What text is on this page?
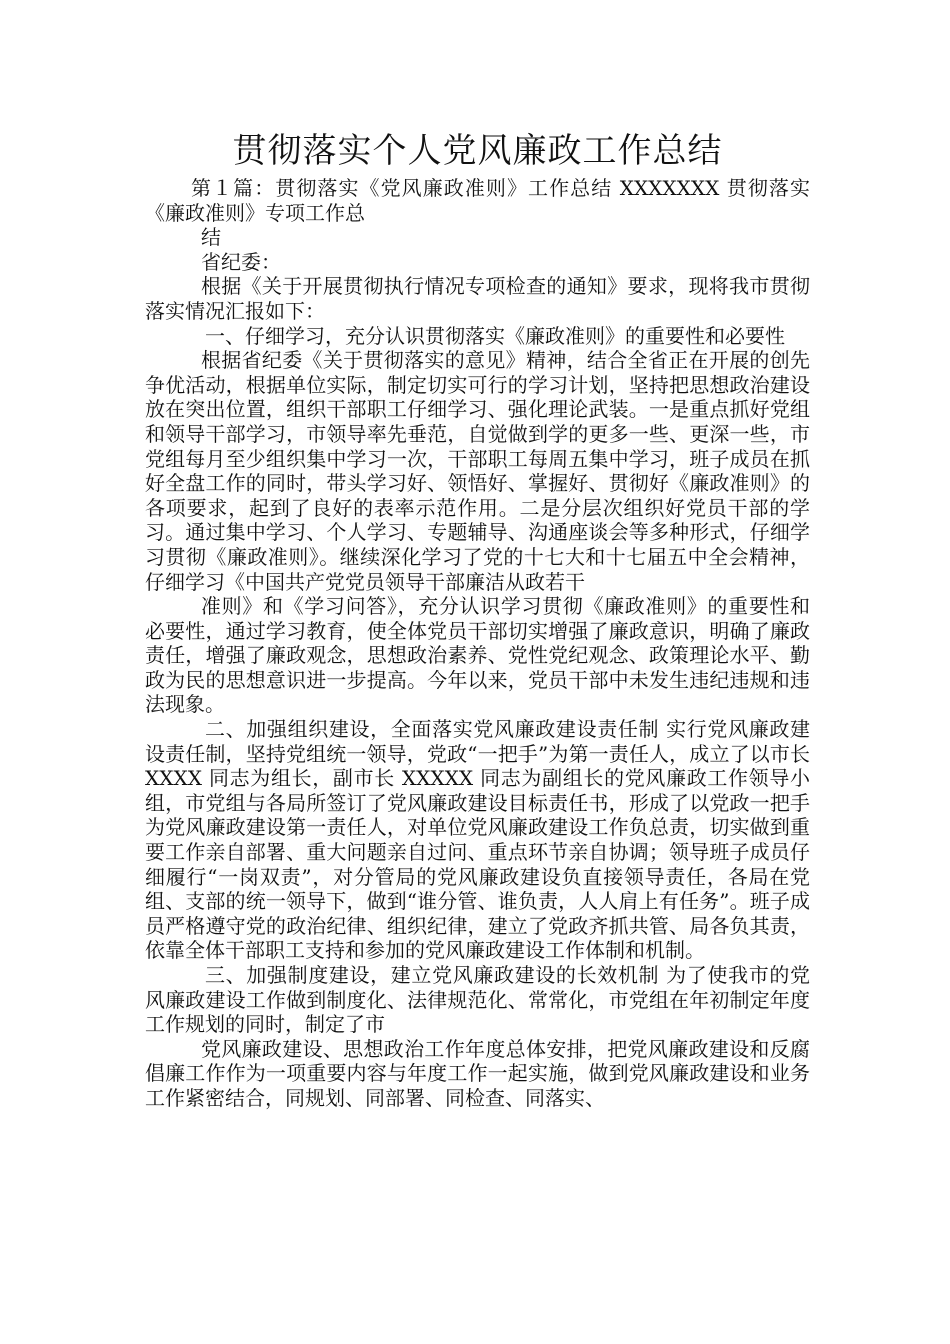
贯彻落实个人党风廉政工作总结

第１篇：贯彻落实《党风廉政准则》工作总结 XXXXXXX 贯彻落实《廉政准则》专项工作总

结

省纪委：

根据《关于开展贯彻执行情况专项检查的通知》要求，现将我市贯彻落实情况汇报如下：

一、仔细学习，充分认识贯彻落实《廉政准则》的重要性和必要性

根据省纪委《关于贯彻落实的意见》精神，结合全省正在开展的创先争优活动，根据单位实际，制定切实可行的学习计划，坚持把思想政治建设放在突出位置，组织干部职工仔细学习、强化理论武装。一是重点抓好党组和领导干部学习，市领导率先垂范，自觉做到学的更多一些、更深一些，市党组每月至少组织集中学习一次，干部职工每周五集中学习，班子成员在抓好全盘工作的同时，带头学习好、领悟好、掌握好、贯彻好《廉政准则》的各项要求，起到了良好的表率示范作用。二是分层次组织好党员干部的学习。通过集中学习、个人学习、专题辅导、沟通座谈会等多种形式，仔细学习贯彻《廉政准则》。继续深化学习了党的十七大和十七届五中全会精神，仔细学习《中国共产党党员领导干部廉洁从政若干

准则》和《学习问答》，充分认识学习贯彻《廉政准则》的重要性和必要性，通过学习教育，使全体党员干部切实增强了廉政意识，明确了廉政责任，增强了廉政观念，思想政治素养、党性党纪观念、政策理论水平、勤政为民的思想意识进一步提高。今年以来，党员干部中未发生违纪违规和违法现象。

二、加强组织建设，全面落实党风廉政建设责任制 实行党风廉政建设责任制，坚持党组统一领导，党政“一把手”为第一责任人，成立了以市长 XXXX 同志为组长，副市长 XXXXX 同志为副组长的党风廉政工作领导小组，市党组与各局所签订了党风廉政建设目标责任书，形成了以党政一把手为党风廉政建设第一责任人，对单位党风廉政建设工作负总责，切实做到重要工作亲自部署、重大问题亲自过问、重点环节亲自协调；领导班子成员仔细履行“一岗双责”，对分管局的党风廉政建设负直接领导责任，各局在党组、支部的统一领导下，做到“谁分管、谁负责，人人肩上有任务”。班子成员严格遵守党的政治纪律、组织纪律，建立了党政齐抓共管、局各负其责，依靠全体干部职工支持和参加的党风廉政建设工作体制和机制。

三、加强制度建设，建立党风廉政建设的长效机制 为了使我市的党风廉政建设工作做到制度化、法律规范化、常常化，市党组在年初制定年度工作规划的同时，制定了市

党风廉政建设、思想政治工作年度总体安排，把党风廉政建设和反腐倡廉工作作为一项重要内容与年度工作一起实施，做到党风廉政建设和业务工作紧密结合，同规划、同部署、同检查、同落实、
